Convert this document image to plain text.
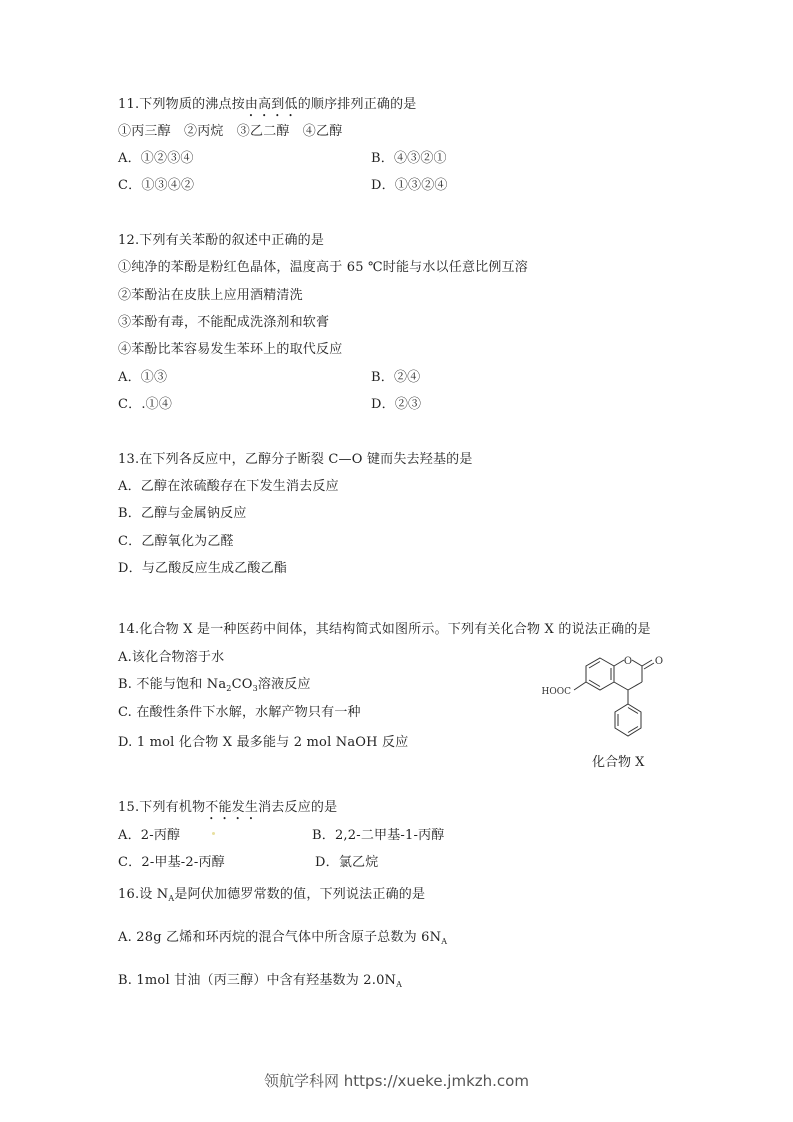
11.下列物质的沸点按由高到低的顺序排列正确的是
①丙三醇　②丙烷　③乙二醇　④乙醇
A．①②③④	B．④③②①
C．①③④②	D．①③②④
12.下列有关苯酚的叙述中正确的是
①纯净的苯酚是粉红色晶体，温度高于 65 ℃时能与水以任意比例互溶
②苯酚沾在皮肤上应用酒精清洗
③苯酚有毒，不能配成洗涤剂和软膏
④苯酚比苯容易发生苯环上的取代反应
A．①③	B．②④
C．.①④	D．②③
13.在下列各反应中，乙醇分子断裂 C—O 键而失去羟基的是
A．乙醇在浓硫酸存在下发生消去反应
B．乙醇与金属钠反应
C．乙醇氧化为乙醛
D．与乙酸反应生成乙酸乙酯
14.化合物 X 是一种医药中间体，其结构简式如图所示。下列有关化合物 X 的说法正确的是
A.该化合物溶于水
B. 不能与饱和 $Na_2CO_3$溶液反应
C. 在酸性条件下水解，水解产物只有一种
D. 1 mol 化合物 X 最多能与 2 mol NaOH 反应
O O
HOOC
化合物 X
15.下列有机物不能发生消去反应的是
A．2-丙醇	B．2,2-二甲基-1-丙醇
C．2-甲基-2-丙醇	D．氯乙烷
16.设 $N_A$是阿伏加德罗常数的值，下列说法正确的是
A. 28g 乙烯和环丙烷的混合气体中所含原子总数为 $6N_A$
B. 1mol 甘油（丙三醇）中含有羟基数为 $2.0N_A$
领航学科网 https://xueke.jmkzh.com
